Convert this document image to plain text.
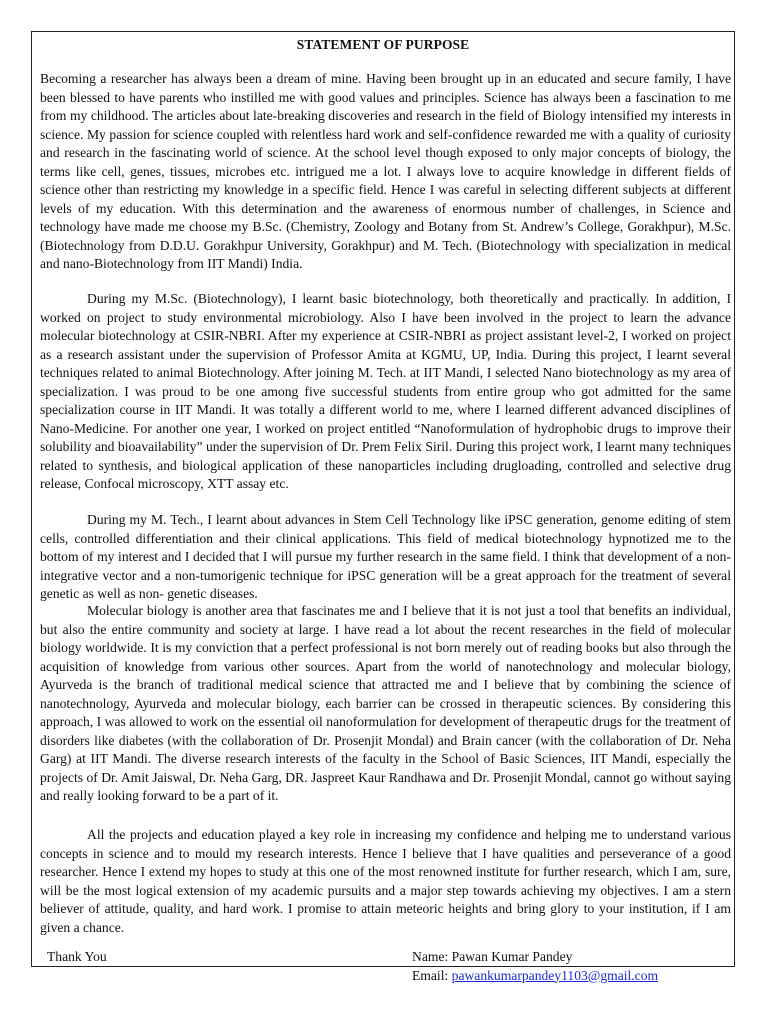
STATEMENT OF PURPOSE

Becoming a researcher has always been a dream of mine. Having been brought up in an educated and secure family, I have been blessed to have parents who instilled me with good values and principles. Science has always been a fascination to me from my childhood. The articles about late-breaking discoveries and research in the field of Biology intensified my interests in science. My passion for science coupled with relentless hard work and self-confidence rewarded me with a quality of curiosity and research in the fascinating world of science. At the school level though exposed to only major concepts of biology, the terms like cell, genes, tissues, microbes etc. intrigued me a lot. I always love to acquire knowledge in different fields of science other than restricting my knowledge in a specific field. Hence I was careful in selecting different subjects at different levels of my education. With this determination and the awareness of enormous number of challenges, in Science and technology have made me choose my B.Sc. (Chemistry, Zoology and Botany from St. Andrew’s College, Gorakhpur), M.Sc. (Biotechnology from D.D.U. Gorakhpur University, Gorakhpur) and M. Tech. (Biotechnology with specialization in medical and nano-Biotechnology from IIT Mandi) India.

During my M.Sc. (Biotechnology), I learnt basic biotechnology, both theoretically and practically. In addition, I worked on project to study environmental microbiology. Also I have been involved in the project to learn the advance molecular biotechnology at CSIR-NBRI. After my experience at CSIR-NBRI as project assistant level-2, I worked on project as a research assistant under the supervision of Professor Amita at KGMU, UP, India. During this project, I learnt several techniques related to animal Biotechnology. After joining M. Tech. at IIT Mandi, I selected Nano biotechnology as my area of specialization. I was proud to be one among five successful students from entire group who got admitted for the same specialization course in IIT Mandi. It was totally a different world to me, where I learned different advanced disciplines of Nano-Medicine. For another one year, I worked on project entitled “Nanoformulation of hydrophobic drugs to improve their solubility and bioavailability” under the supervision of Dr. Prem Felix Siril. During this project work, I learnt many techniques related to synthesis, and biological application of these nanoparticles including drugloading, controlled and selective drug release, Confocal microscopy, XTT assay etc.

During my M. Tech., I learnt about advances in Stem Cell Technology like iPSC generation, genome editing of stem cells, controlled differentiation and their clinical applications. This field of medical biotechnology hypnotized me to the bottom of my interest and I decided that I will pursue my further research in the same field. I think that development of a non-integrative vector and a non-tumorigenic technique for iPSC generation will be a great approach for the treatment of several genetic as well as non- genetic diseases.

Molecular biology is another area that fascinates me and I believe that it is not just a tool that benefits an individual, but also the entire community and society at large. I have read a lot about the recent researches in the field of molecular biology worldwide. It is my conviction that a perfect professional is not born merely out of reading books but also through the acquisition of knowledge from various other sources. Apart from the world of nanotechnology and molecular biology, Ayurveda is the branch of traditional medical science that attracted me and I believe that by combining the science of nanotechnology, Ayurveda and molecular biology, each barrier can be crossed in therapeutic sciences. By considering this approach, I was allowed to work on the essential oil nanoformulation for development of therapeutic drugs for the treatment of disorders like diabetes (with the collaboration of Dr. Prosenjit Mondal) and Brain cancer (with the collaboration of Dr. Neha Garg) at IIT Mandi. The diverse research interests of the faculty in the School of Basic Sciences, IIT Mandi, especially the projects of Dr. Amit Jaiswal, Dr. Neha Garg, DR. Jaspreet Kaur Randhawa and Dr. Prosenjit Mondal, cannot go without saying and really looking forward to be a part of it.

All the projects and education played a key role in increasing my confidence and helping me to understand various concepts in science and to mould my research interests. Hence I believe that I have qualities and perseverance of a good researcher. Hence I extend my hopes to study at this one of the most renowned institute for further research, which I am, sure, will be the most logical extension of my academic pursuits and a major step towards achieving my objectives. I am a stern believer of attitude, quality, and hard work. I promise to attain meteoric heights and bring glory to your institution, if I am given a chance.

Thank You	Name: Pawan Kumar Pandey
Email: pawankumarpandey1103@gmail.com
